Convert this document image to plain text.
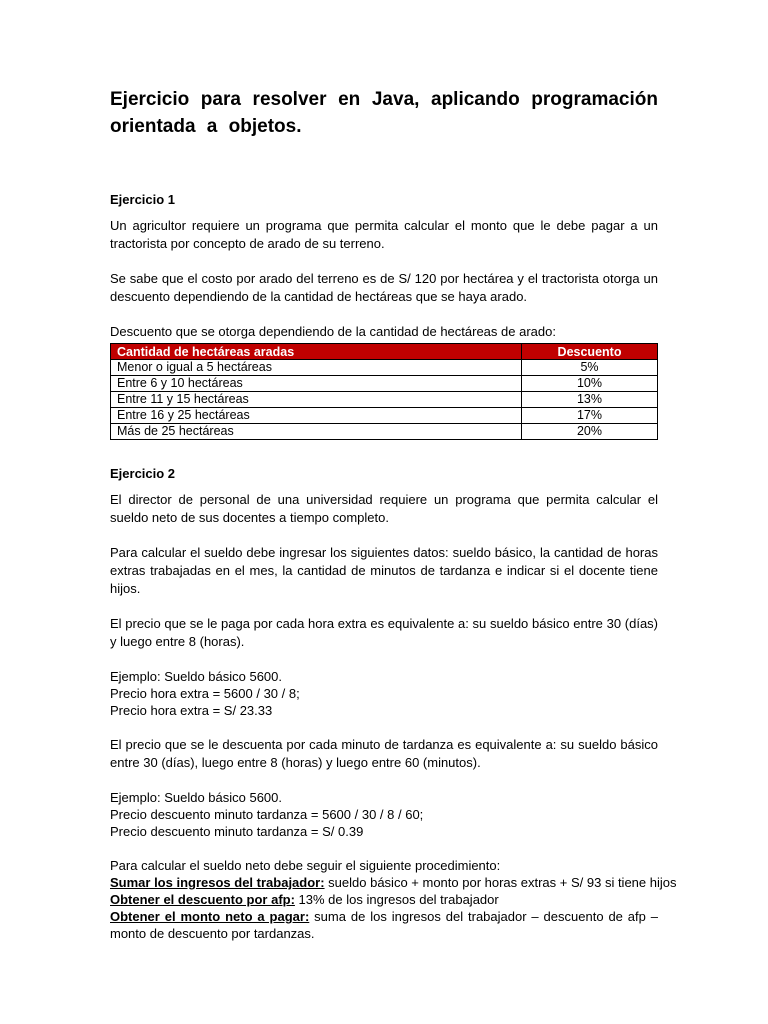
Ejercicio para resolver en Java, aplicando programación
orientada a objetos.

Ejercicio 1

Un agricultor requiere un programa que permita calcular el monto que le debe pagar a un tractorista por concepto de arado de su terreno.

Se sabe que el costo por arado del terreno es de S/ 120 por hectárea y el tractorista otorga un descuento dependiendo de la cantidad de hectáreas que se haya arado.

Descuento que se otorga dependiendo de la cantidad de hectáreas de arado:

Cantidad de hectáreas aradas	Descuento
Menor o igual a 5 hectáreas	5%
Entre 6 y 10 hectáreas	10%
Entre 11 y 15 hectáreas	13%
Entre 16 y 25 hectáreas	17%
Más de 25 hectáreas	20%

Ejercicio 2

El director de personal de una universidad requiere un programa que permita calcular el sueldo neto de sus docentes a tiempo completo.

Para calcular el sueldo debe ingresar los siguientes datos: sueldo básico, la cantidad de horas extras trabajadas en el mes, la cantidad de minutos de tardanza e indicar si el docente tiene hijos.

El precio que se le paga por cada hora extra es equivalente a: su sueldo básico entre 30 (días) y luego entre 8 (horas).

Ejemplo: Sueldo básico 5600.
Precio hora extra = 5600 / 30 / 8;
Precio hora extra = S/ 23.33

El precio que se le descuenta por cada minuto de tardanza es equivalente a: su sueldo básico entre 30 (días), luego entre 8 (horas) y luego entre 60 (minutos).

Ejemplo: Sueldo básico 5600.
Precio descuento minuto tardanza = 5600 / 30 / 8 / 60;
Precio descuento minuto tardanza = S/ 0.39
Para calcular el sueldo neto debe seguir el siguiente procedimiento:
Sumar los ingresos del trabajador: sueldo básico + monto por horas extras + S/ 93 si tiene hijos
Obtener el descuento por afp: 13% de los ingresos del trabajador

Obtener el monto neto a pagar: suma de los ingresos del trabajador – descuento de afp – monto de descuento por tardanzas.
